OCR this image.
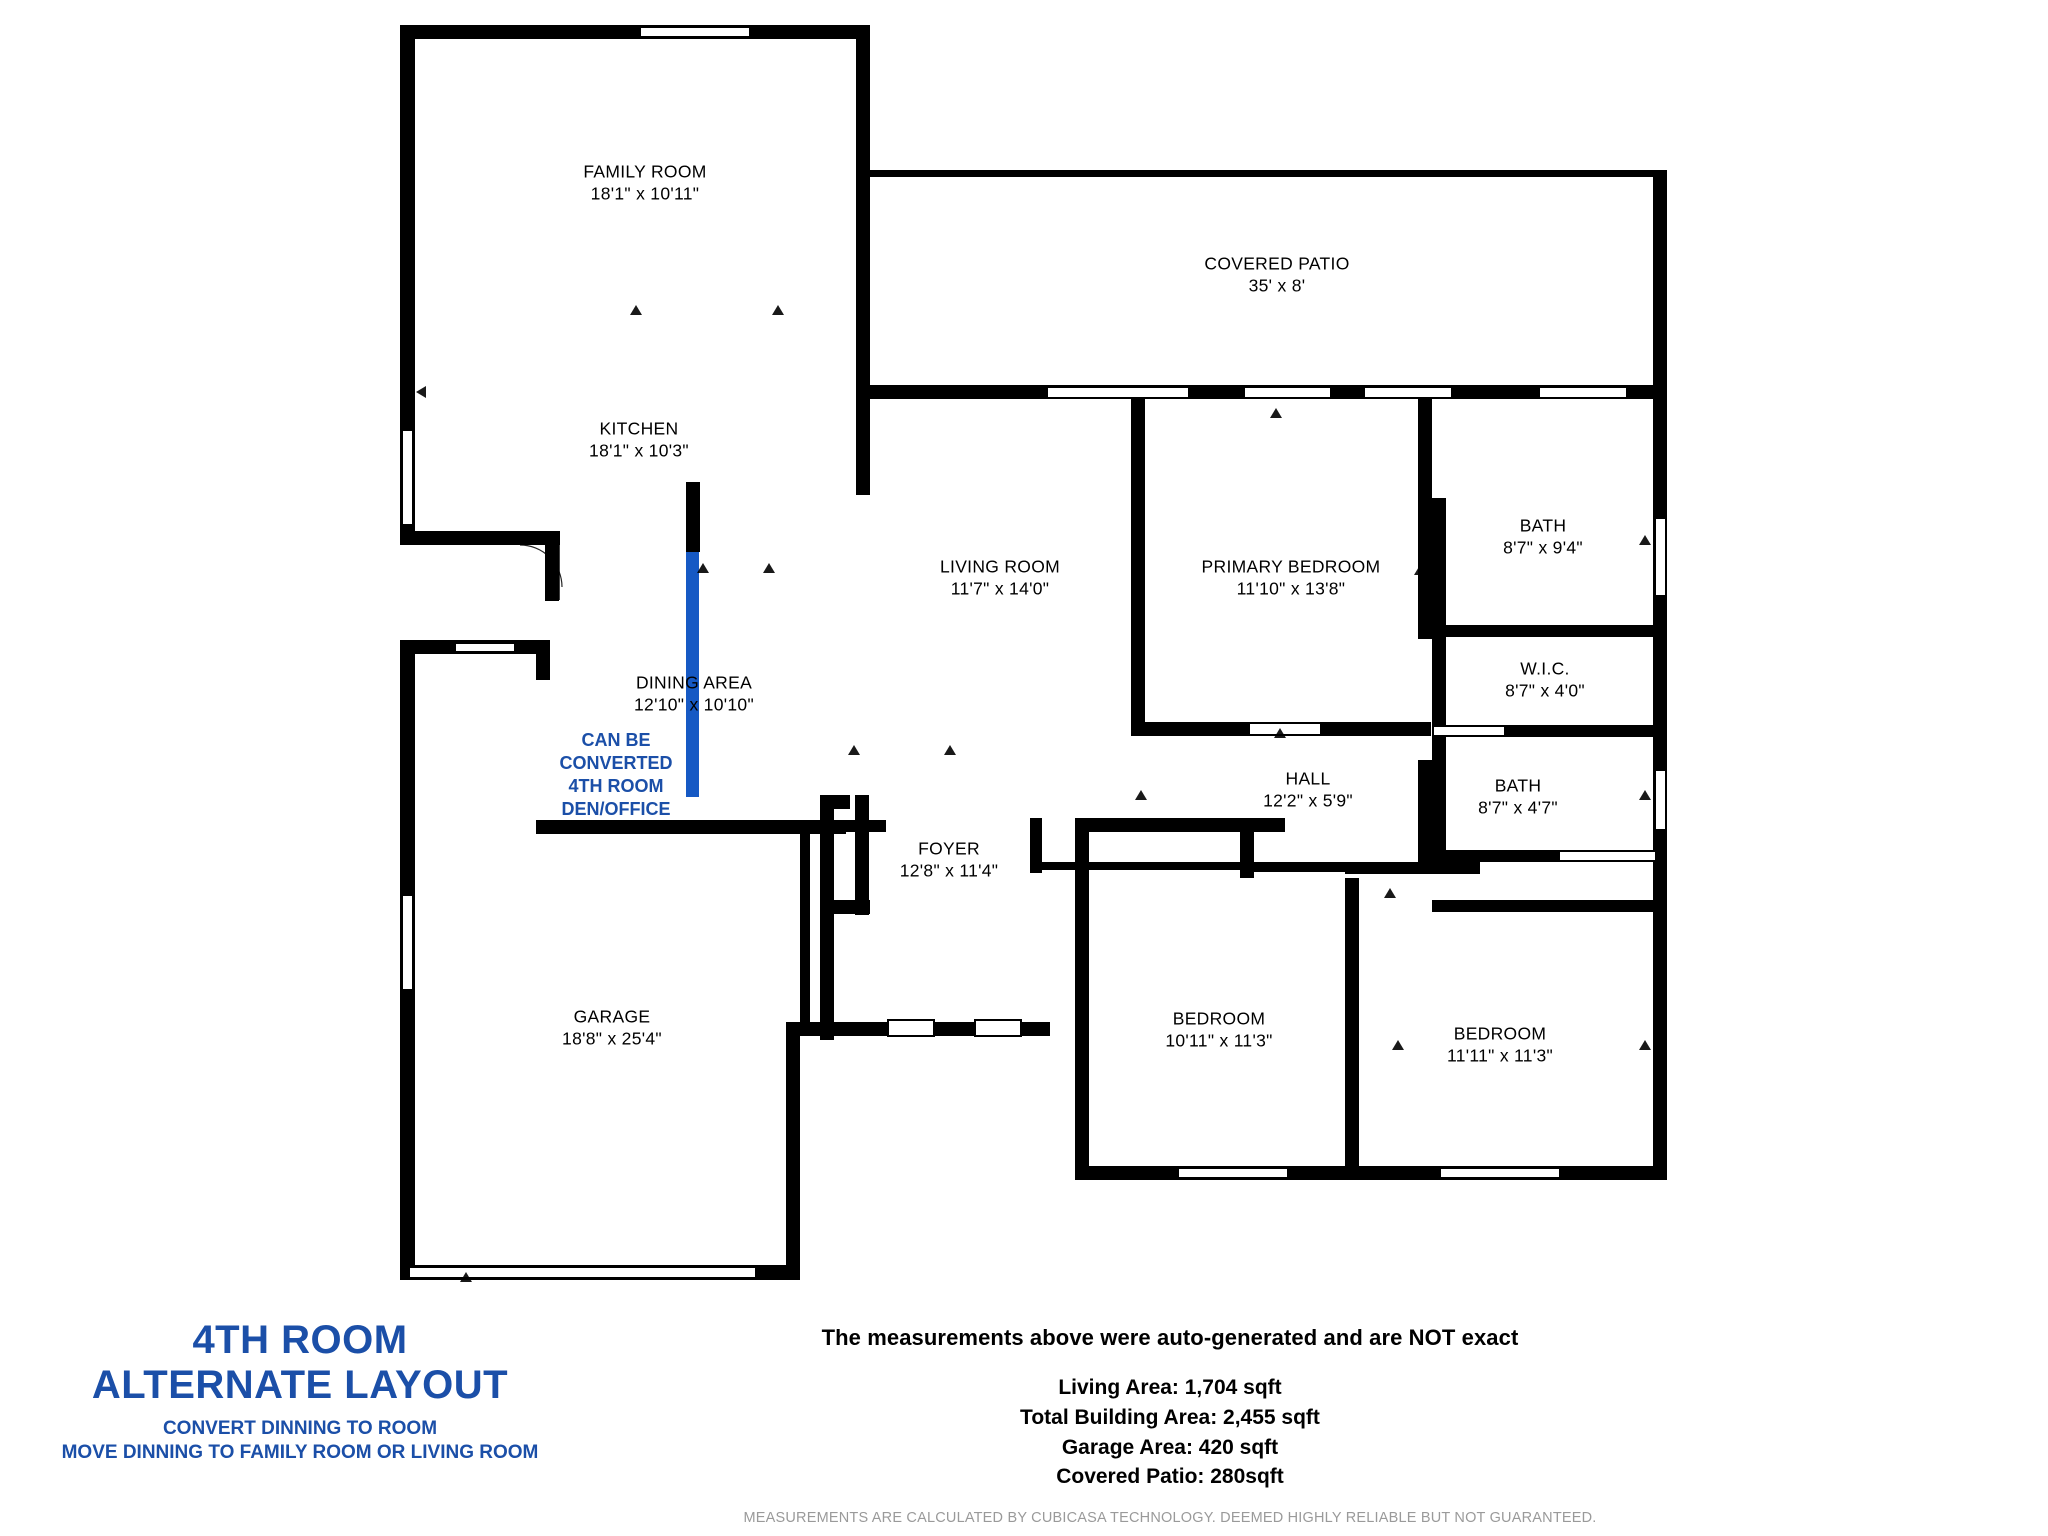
FAMILY ROOM
18'1" x 10'11"
COVERED PATIO
35' x 8'
KITCHEN
18'1" x 10'3"
BATH
8'7" x 9'4"
LIVING ROOM
11'7" x 14'0"
PRIMARY BEDROOM
11'10" x 13'8"
W.I.C.
8'7" x 4'0"
DINING AREA
12'10" x 10'10"
HALL
12'2" x 5'9"
BATH
8'7" x 4'7"
FOYER
12'8" x 11'4"
GARAGE
18'8" x 25'4"
BEDROOM
10'11" x 11'3"	BEDROOM
11'11" x 11'3"
CAN BE
CONVERTED
4TH ROOM
DEN/OFFICE
4TH ROOM
ALTERNATE LAYOUT
CONVERT DINNING TO ROOM
MOVE DINNING TO FAMILY ROOM OR LIVING ROOM
The measurements above were auto-generated and are NOT exact
Living Area: 1,704 sqft
Total Building Area: 2,455 sqft
Garage Area: 420 sqft
Covered Patio: 280sqft
MEASUREMENTS ARE CALCULATED BY CUBICASA TECHNOLOGY. DEEMED HIGHLY RELIABLE BUT NOT GUARANTEED.
